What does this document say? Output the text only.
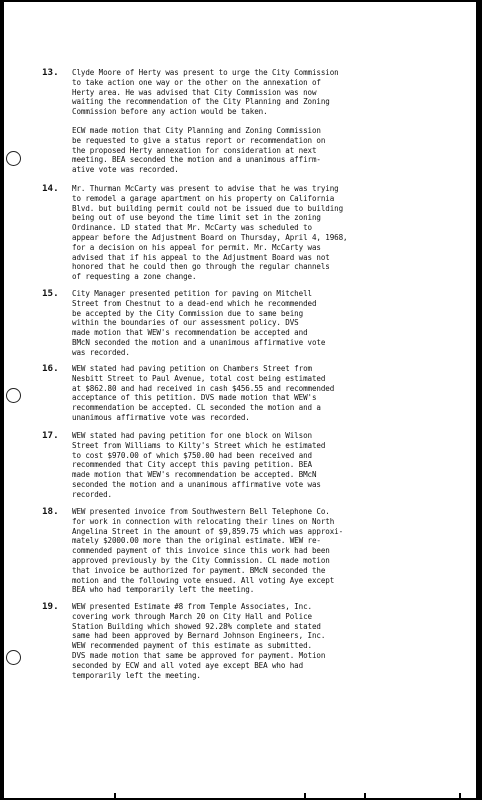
13.	Clyde Moore of Herty was present to urge the City Commission
to take action one way or the other on the annexation of
Herty area. He was advised that City Commission was now
waiting the recommendation of the City Planning and Zoning
Commission before any action would be taken.
ECW made motion that City Planning and Zoning Commission
be requested to give a status report or recommendation on
the proposed Herty annexation for consideration at next
meeting. BEA seconded the motion and a unanimous affirm-
ative vote was recorded.
14.	Mr. Thurman McCarty was present to advise that he was trying
to remodel a garage apartment on his property on California
Blvd. but building permit could not be issued due to building
being out of use beyond the time limit set in the zoning
Ordinance. LD stated that Mr. McCarty was scheduled to
appear before the Adjustment Board on Thursday, April 4, 1968,
for a decision on his appeal for permit. Mr. McCarty was
advised that if his appeal to the Adjustment Board was not
honored that he could then go through the regular channels
of requesting a zone change.
15.	City Manager presented petition for paving on Mitchell
Street from Chestnut to a dead-end which he recommended
be accepted by the City Commission due to same being
within the boundaries of our assessment policy. DVS
made motion that WEW's recommendation be accepted and
BMcN seconded the motion and a unanimous affirmative vote
was recorded.
16.	WEW stated had paving petition on Chambers Street from
Nesbitt Street to Paul Avenue, total cost being estimated
at $862.80 and had received in cash $456.55 and recommended
acceptance of this petition. DVS made motion that WEW's
recommendation be accepted. CL seconded the motion and a
unanimous affirmative vote was recorded.
17.	WEW stated had paving petition for one block on Wilson
Street from Williams to Kilty's Street which he estimated
to cost $970.00 of which $750.00 had been received and
recommended that City accept this paving petition. BEA
made motion that WEW's recommendation be accepted. BMcN
seconded the motion and a unanimous affirmative vote was
recorded.
18.	WEW presented invoice from Southwestern Bell Telephone Co.
for work in connection with relocating their lines on North
Angelina Street in the amount of $9,859.75 which was approxi-
mately $2000.00 more than the original estimate. WEW re-
commended payment of this invoice since this work had been
approved previously by the City Commission. CL made motion
that invoice be authorized for payment. BMcN seconded the
motion and the following vote ensued. All voting Aye except
BEA who had temporarily left the meeting.
19.	WEW presented Estimate #8 from Temple Associates, Inc.
covering work through March 20 on City Hall and Police
Station Building which showed 92.28% complete and stated
same had been approved by Bernard Johnson Engineers, Inc.
WEW recommended payment of this estimate as submitted.
DVS made motion that same be approved for payment. Motion
seconded by ECW and all voted aye except BEA who had
temporarily left the meeting.
